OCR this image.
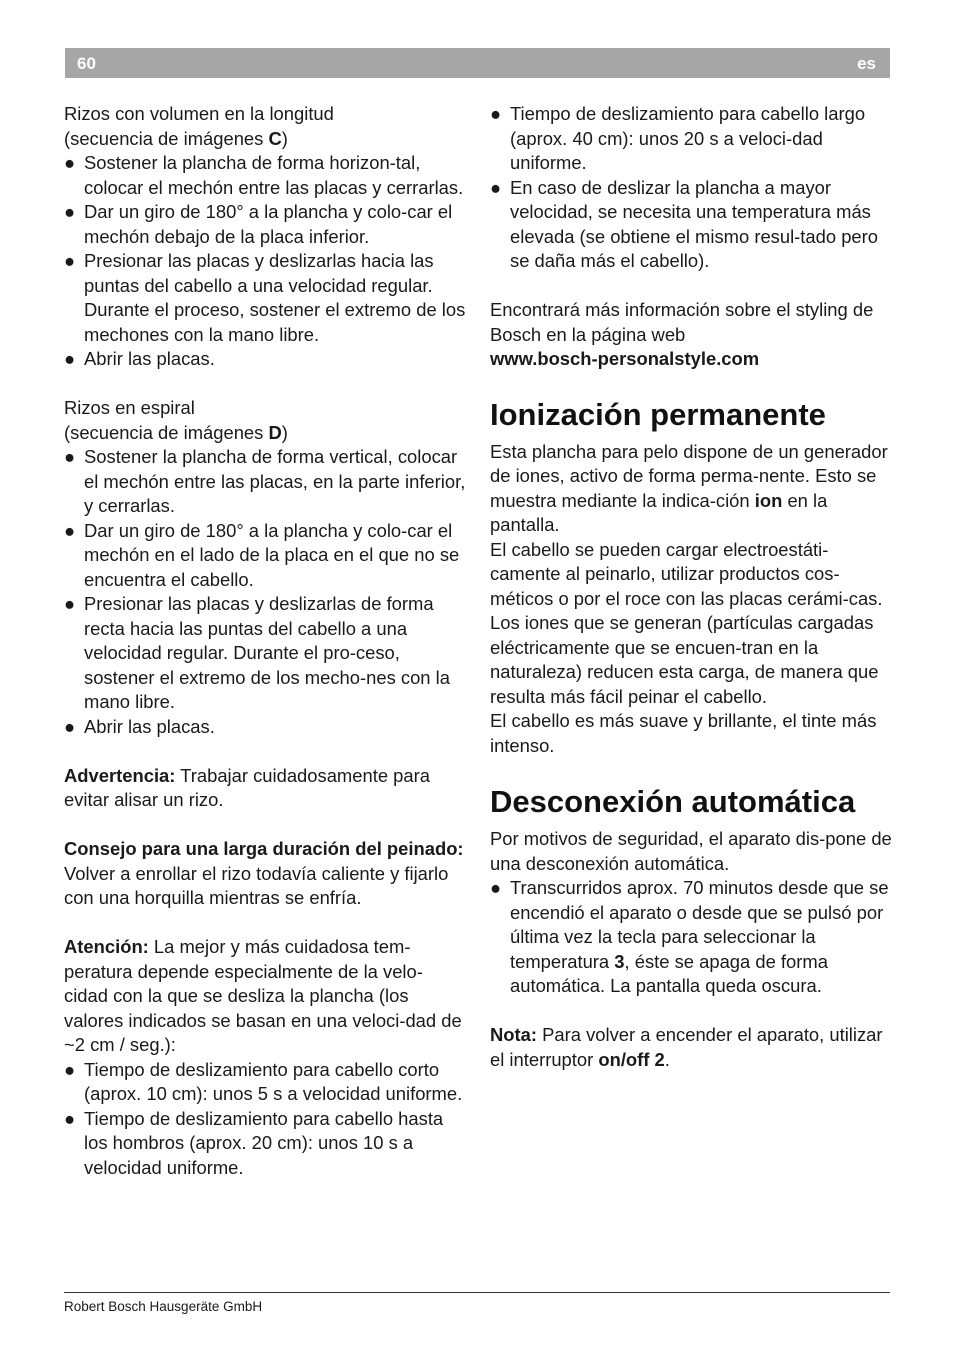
60	es

Rizos con volumen en la longitud

(secuencia de imágenes C)

● Sostener la plancha de forma horizon-tal, colocar el mechón entre las placas y cerrarlas.
● Dar un giro de 180° a la plancha y colo-car el mechón debajo de la placa inferior.
● Presionar las placas y deslizarlas hacia las puntas del cabello a una velocidad regular. Durante el proceso, sostener el extremo de los mechones con la mano libre.
● Abrir las placas.

Rizos en espiral

(secuencia de imágenes D)

● Sostener la plancha de forma vertical, colocar el mechón entre las placas, en la parte inferior, y cerrarlas.
● Dar un giro de 180° a la plancha y colo-car el mechón en el lado de la placa en el que no se encuentra el cabello.
● Presionar las placas y deslizarlas de forma recta hacia las puntas del cabello a una velocidad regular. Durante el pro-ceso, sostener el extremo de los mecho-nes con la mano libre.
● Abrir las placas.

Advertencia: Trabajar cuidadosamente para evitar alisar un rizo.

Consejo para una larga duración del peinado: Volver a enrollar el rizo todavía caliente y fijarlo con una horquilla mientras se enfría.

Atención: La mejor y más cuidadosa tem-peratura depende especialmente de la velo-cidad con la que se desliza la plancha (los valores indicados se basan en una veloci-dad de ~2 cm / seg.):

● Tiempo de deslizamiento para cabello corto (aprox. 10 cm): unos 5 s a velocidad uniforme.
● Tiempo de deslizamiento para cabello hasta los hombros (aprox. 20 cm): unos 10 s a velocidad uniforme.
● Tiempo de deslizamiento para cabello largo (aprox. 40 cm): unos 20 s a veloci-dad uniforme.
● En caso de deslizar la plancha a mayor velocidad, se necesita una temperatura más elevada (se obtiene el mismo resul-tado pero se daña más el cabello).

Encontrará más información sobre el styling de Bosch en la página web

www.bosch-personalstyle.com

Ionización permanente

Esta plancha para pelo dispone de un generador de iones, activo de forma perma-nente. Esto se muestra mediante la indica-ción ion en la pantalla.

El cabello se pueden cargar electroestáti-camente al peinarlo, utilizar productos cos-méticos o por el roce con las placas cerámi-cas. Los iones que se generan (partículas cargadas eléctricamente que se encuen-tran en la naturaleza) reducen esta carga, de manera que resulta más fácil peinar el cabello.

El cabello es más suave y brillante, el tinte más intenso.

Desconexión automática

Por motivos de seguridad, el aparato dis-pone de una desconexión automática.

● Transcurridos aprox. 70 minutos desde que se encendió el aparato o desde que se pulsó por última vez la tecla para seleccionar la temperatura 3, éste se apaga de forma automática. La pantalla queda oscura.

Nota: Para volver a encender el aparato, utilizar el interruptor on/off 2.

Robert Bosch Hausgeräte GmbH
